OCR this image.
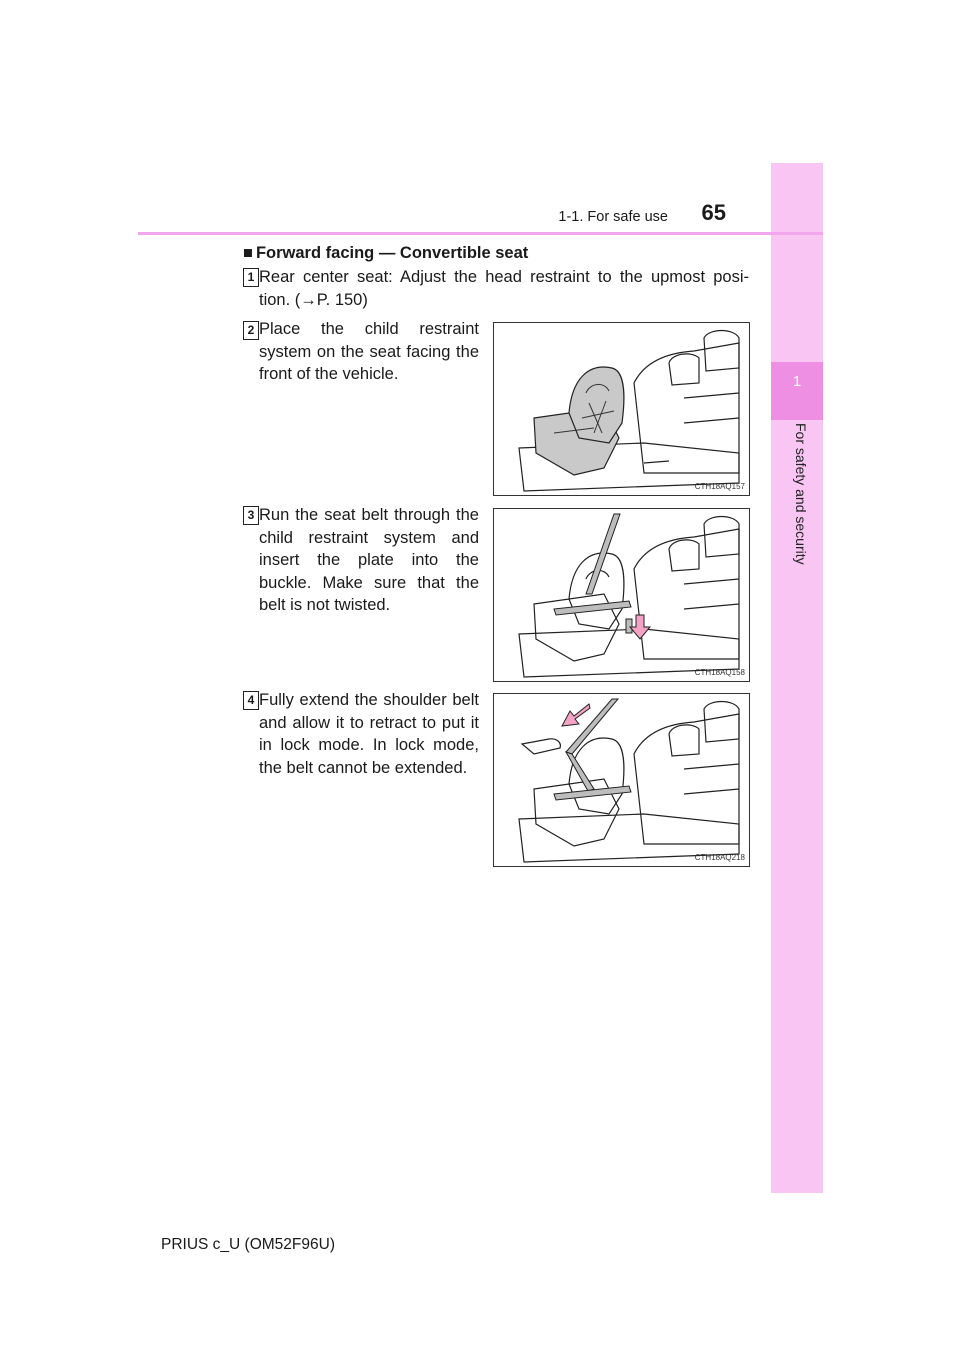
1
For safety and security
1-1. For safe use	65
■ Forward facing — Convertible seat
1 Rear center seat: Adjust the head restraint to the upmost posi-
tion. (→P. 150)
2 Place the child restraint system on the seat facing the front of the vehicle.
CTH18AQ157
3 Run the seat belt through the child restraint system and insert the plate into the buckle. Make sure that the belt is not twisted.
CTH18AQ158
4 Fully extend the shoulder belt and allow it to retract to put it in lock mode. In lock mode, the belt cannot be extended.
CTH18AQ218
PRIUS c_U (OM52F96U)
